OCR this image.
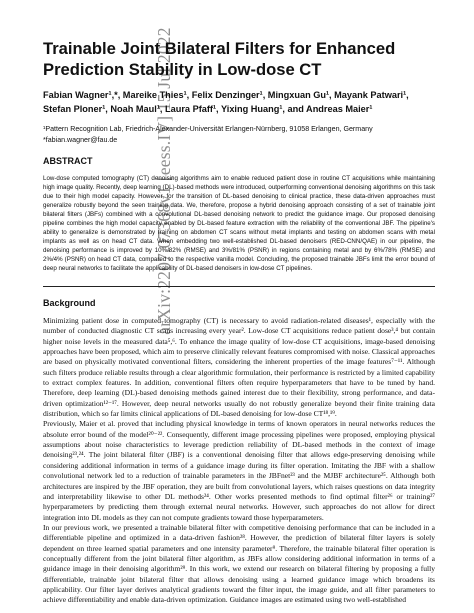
arXiv:2207.07368v1 [eess.IV] 15 Jul 2022
Trainable Joint Bilateral Filters for Enhanced Prediction Stability in Low-dose CT

Fabian Wagner¹,*, Mareike Thies¹, Felix Denzinger¹, Mingxuan Gu¹, Mayank Patwari¹, Stefan Ploner¹, Noah Maul¹, Laura Pfaff¹, Yixing Huang¹, and Andreas Maier¹

¹Pattern Recognition Lab, Friedrich-Alexander-Universität Erlangen-Nürnberg, 91058 Erlangen, Germany

*fabian.wagner@fau.de

ABSTRACT

Low-dose computed tomography (CT) denoising algorithms aim to enable reduced patient dose in routine CT acquisitions while maintaining high image quality. Recently, deep learning (DL)-based methods were introduced, outperforming conventional denoising algorithms on this task due to their high model capacity. However, for the transition of DL-based denoising to clinical practice, these data-driven approaches must generalize robustly beyond the seen training data. We, therefore, propose a hybrid denoising approach consisting of a set of trainable joint bilateral filters (JBFs) combined with a convolutional DL-based denoising network to predict the guidance image. Our proposed denoising pipeline combines the high model capacity enabled by DL-based feature extraction with the reliability of the conventional JBF. The pipeline's ability to generalize is demonstrated by training on abdomen CT scans without metal implants and testing on abdomen scans with metal implants as well as on head CT data. When embedding two well-established DL-based denoisers (RED-CNN/QAE) in our pipeline, the denoising performance is improved by 10%/82% (RMSE) and 3%/81% (PSNR) in regions containing metal and by 6%/78% (RMSE) and 2%/4% (PSNR) on head CT data, compared to the respective vanilla model. Concluding, the proposed trainable JBFs limit the error bound of deep neural networks to facilitate the applicability of DL-based denoisers in low-dose CT pipelines.

Background

Minimizing patient dose in computed tomography (CT) is necessary to avoid radiation-related diseases¹, especially with the number of conducted diagnostic CT scans increasing every year². Low-dose CT acquisitions reduce patient dose³,⁴ but contain higher noise levels in the measured data⁵,⁶. To enhance the image quality of low-dose CT acquisitions, image-based denoising approaches have been proposed, which aim to preserve clinically relevant features compromised with noise. Classical approaches are based on physically motivated conventional filters, considering the inherent properties of the image features⁷⁻¹¹. Although such filters produce reliable results through a clear algorithmic formulation, their performance is restricted by a limited capability to extract complex features. In addition, conventional filters often require hyperparameters that have to be tuned by hand. Therefore, deep learning (DL)-based denoising methods gained interest due to their flexibility, strong performance, and data-driven optimization¹²⁻¹⁷. However, deep neural networks usually do not robustly generalize beyond their finite training data distribution, which so far limits clinical applications of DL-based denoising for low-dose CT¹⁸,¹⁹.

Previously, Maier et al. proved that including physical knowledge in terms of known operators in neural networks reduces the absolute error bound of the model²⁰⁻²². Consequently, different image processing pipelines were proposed, employing physical assumptions about noise characteristics to leverage prediction reliability of DL-based methods in the context of image denoising²³,²⁴. The joint bilateral filter (JBF) is a conventional denoising filter that allows edge-preserving denoising while considering additional information in terms of a guidance image during its filter operation. Imitating the JBF with a shallow convolutional network led to a reduction of trainable parameters in the JBFnet²³ and the MJBF architecture²⁵. Although both architectures are inspired by the JBF operation, they are built from convolutional layers, which raises questions on data integrity and interpretability likewise to other DL methods²⁴. Other works presented methods to find optimal filter²⁶ or training²⁷ hyperparameters by predicting them through external neural networks. However, such approaches do not allow for direct integration into DL models as they can not compute gradients toward those hyperparameters.

In our previous work, we presented a trainable bilateral filter with competitive denoising performance that can be included in a differentiable pipeline and optimized in a data-driven fashion²⁸. However, the prediction of bilateral filter layers is solely dependent on three learned spatial parameters and one intensity parameter⁹. Therefore, the trainable bilateral filter operation is conceptually different from the joint bilateral filter algorithm, as JBFs allow considering additional information in terms of a guidance image in their denoising algorithm²⁹. In this work, we extend our research on bilateral filtering by proposing a fully differentiable, trainable joint bilateral filter that allows denoising using a learned guidance image which broadens its applicability. Our filter layer derives analytical gradients toward the filter input, the image guide, and all filter parameters to achieve differentiability and enable data-driven optimization. Guidance images are estimated using two well-established
